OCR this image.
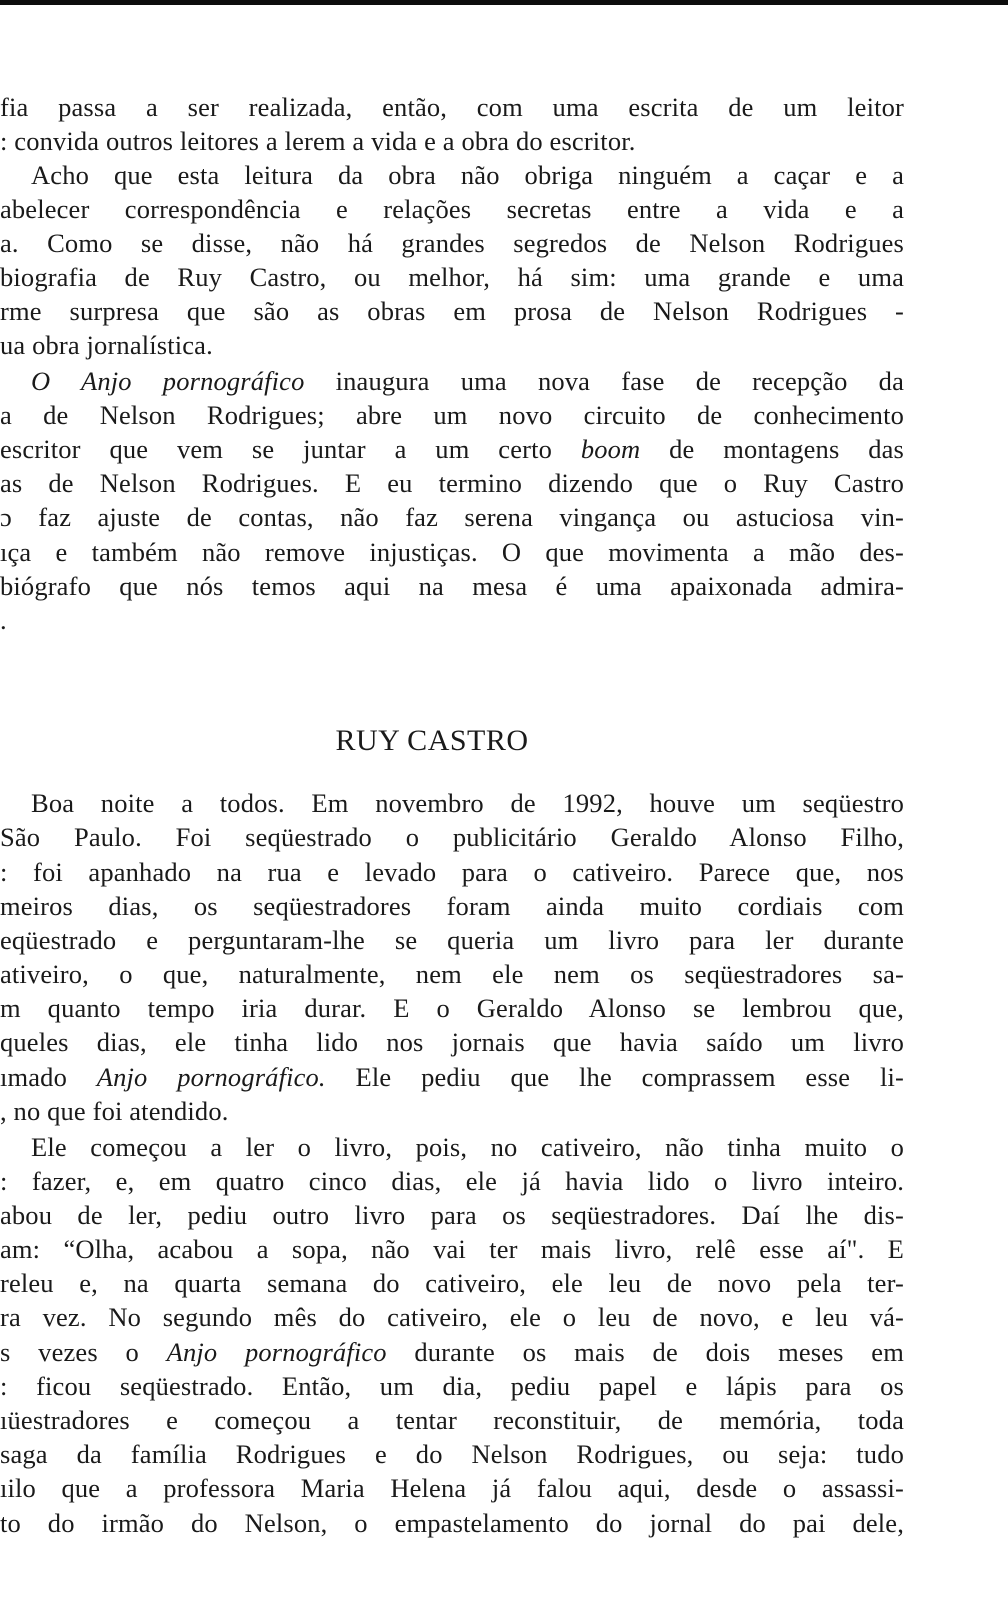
fia passa a ser realizada, então, com uma escrita de um leitor
: convida outros leitores a lerem a vida e a obra do escritor.
Acho que esta leitura da obra não obriga ninguém a caçar e a
abelecer correspondência e relações secretas entre a vida e a
a. Como se disse, não há grandes segredos de Nelson Rodrigues
biografia de Ruy Castro, ou melhor, há sim: uma grande e uma
rme surpresa que são as obras em prosa de Nelson Rodrigues -
ua obra jornalística.
O Anjo pornográfico inaugura uma nova fase de recepção da
a de Nelson Rodrigues; abre um novo circuito de conhecimento
escritor que vem se juntar a um certo boom de montagens das
as de Nelson Rodrigues. E eu termino dizendo que o Ruy Castro
ɔ faz ajuste de contas, não faz serena vingança ou astuciosa vin-
ıça e também não remove injustiças. O que movimenta a mão des-
biógrafo que nós temos aqui na mesa é uma apaixonada admira-
.
RUY CASTRO
Boa noite a todos. Em novembro de 1992, houve um seqüestro
São Paulo. Foi seqüestrado o publicitário Geraldo Alonso Filho,
: foi apanhado na rua e levado para o cativeiro. Parece que, nos
meiros dias, os seqüestradores foram ainda muito cordiais com
eqüestrado e perguntaram-lhe se queria um livro para ler durante
ativeiro, o que, naturalmente, nem ele nem os seqüestradores sa-
m quanto tempo iria durar. E o Geraldo Alonso se lembrou que,
queles dias, ele tinha lido nos jornais que havia saído um livro
ımado Anjo pornográfico. Ele pediu que lhe comprassem esse li-
, no que foi atendido.
Ele começou a ler o livro, pois, no cativeiro, não tinha muito o
: fazer, e, em quatro cinco dias, ele já havia lido o livro inteiro.
abou de ler, pediu outro livro para os seqüestradores. Daí lhe dis-
am: “Olha, acabou a sopa, não vai ter mais livro, relê esse aí". E
releu e, na quarta semana do cativeiro, ele leu de novo pela ter-
ra vez. No segundo mês do cativeiro, ele o leu de novo, e leu vá-
s vezes o Anjo pornográfico durante os mais de dois meses em
: ficou seqüestrado. Então, um dia, pediu papel e lápis para os
ıüestradores e começou a tentar reconstituir, de memória, toda
saga da família Rodrigues e do Nelson Rodrigues, ou seja: tudo
ıilo que a professora Maria Helena já falou aqui, desde o assassi-
to do irmão do Nelson, o empastelamento do jornal do pai dele,
